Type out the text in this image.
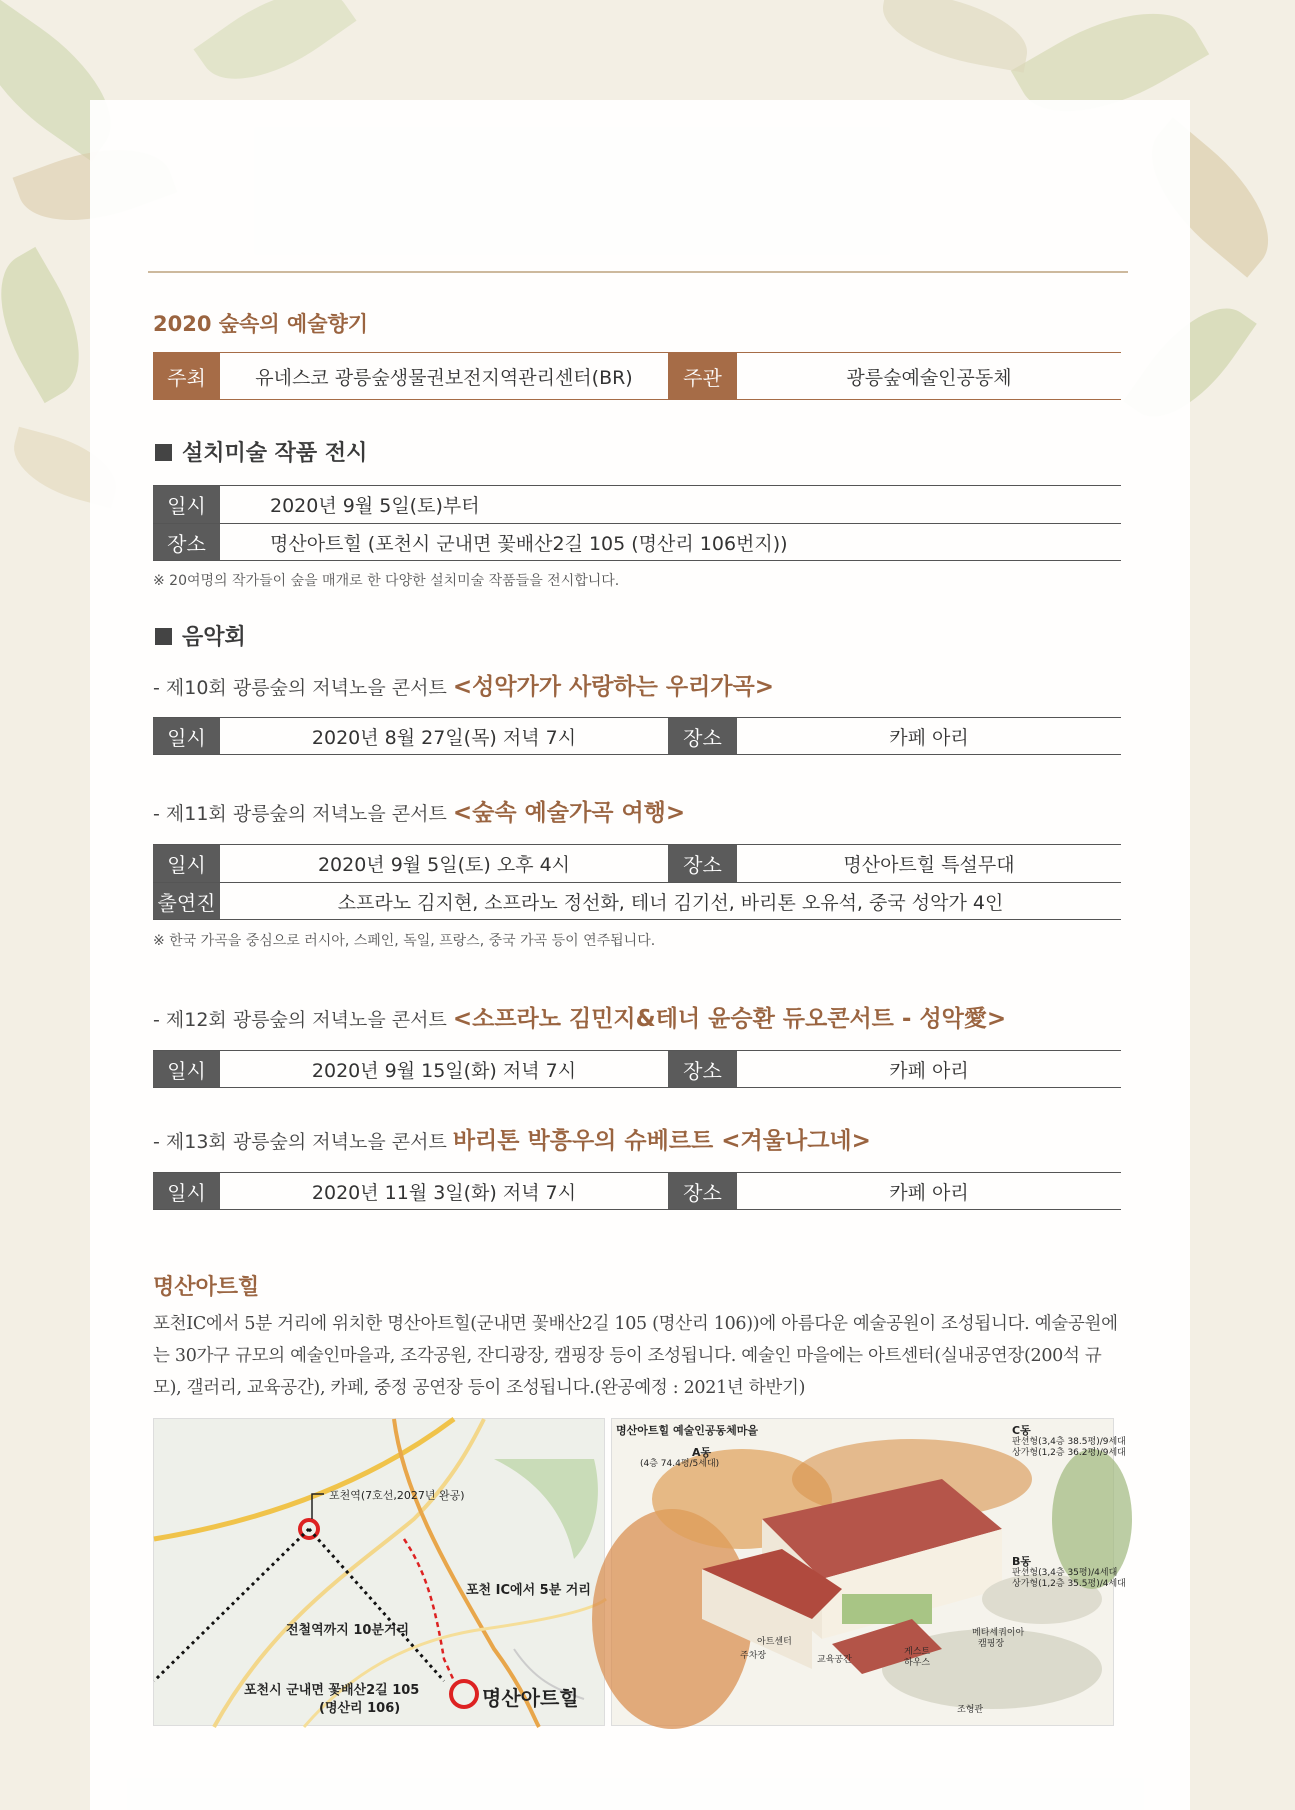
2020 숲속의 예술향기
주최	유네스코 광릉숲생물권보전지역관리센터(BR)	주관	광릉숲예술인공동체
설치미술 작품 전시
일시	2020년 9월 5일(토)부터
장소	명산아트힐 (포천시 군내면 꽃배산2길 105 (명산리 106번지))
※ 20여명의 작가들이 숲을 매개로 한 다양한 설치미술 작품들을 전시합니다.
음악회
- 제10회 광릉숲의 저녁노을 콘서트 <성악가가 사랑하는 우리가곡>
일시	2020년 8월 27일(목) 저녁 7시	장소	카페 아리
- 제11회 광릉숲의 저녁노을 콘서트 <숲속 예술가곡 여행>
일시	2020년 9월 5일(토) 오후 4시	장소	명산아트힐 특설무대
출연진	소프라노 김지현, 소프라노 정선화, 테너 김기선, 바리톤 오유석, 중국 성악가 4인
※ 한국 가곡을 중심으로 러시아, 스페인, 독일, 프랑스, 중국 가곡 등이 연주됩니다.
- 제12회 광릉숲의 저녁노을 콘서트 <소프라노 김민지&테너 윤승환 듀오콘서트 - 성악愛>
일시	2020년 9월 15일(화) 저녁 7시	장소	카페 아리
- 제13회 광릉숲의 저녁노을 콘서트 바리톤 박흥우의 슈베르트 <겨울나그네>
일시	2020년 11월 3일(화) 저녁 7시	장소	카페 아리
명산아트힐
포천IC에서 5분 거리에 위치한 명산아트힐(군내면 꽃배산2길 105 (명산리 106))에 아름다운 예술공원이 조성됩니다. 예술공원에는 30가구 규모의 예술인마을과, 조각공원, 잔디광장, 캠핑장 등이 조성됩니다. 예술인 마을에는 아트센터(실내공연장(200석 규모), 갤러리, 교육공간), 카페, 중정 공연장 등이 조성됩니다.(완공예정 : 2021년 하반기)
포천역(7호선,2027년 완공)
포천 IC에서 5분 거리
전철역까지 10분거리
포천시 군내면 꽃배산2길 105
(명산리 106)	명산아트힐
명산아트힐 예술인공동체마을
A동
(4층 74.4평/5세대)
C동
판션형(3,4층 38.5평)/9세대
상가형(1,2층 36.2평)/9세대
B동
판션형(3,4층 35평)/4세대
상가형(1,2층 35.5평)/4세대
아트센터
주차장	교육공간
게스트
하우스
메타세쿼이아
캠핑장
조형관
